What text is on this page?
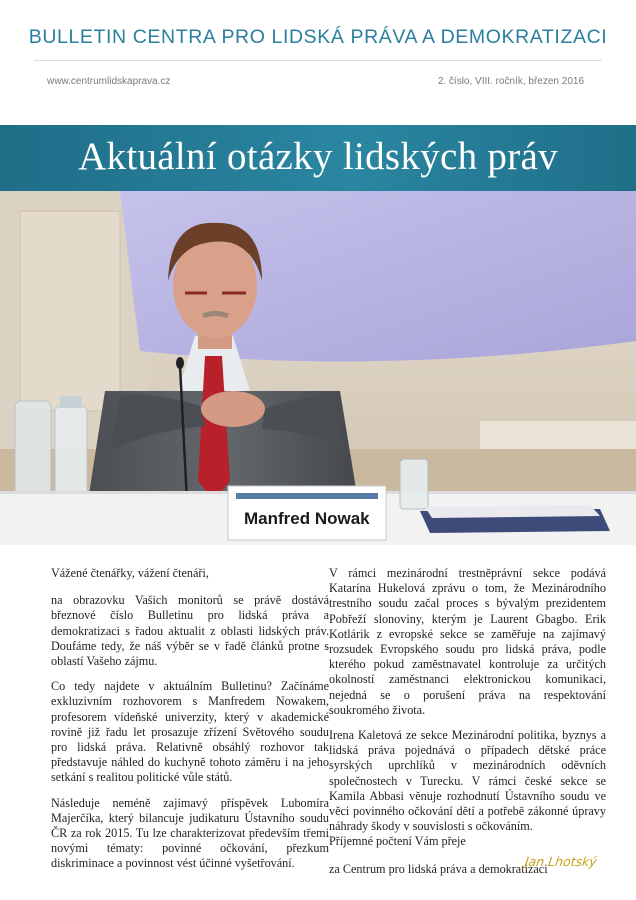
BULLETIN CENTRA PRO LIDSKÁ PRÁVA A DEMOKRATIZACI
www.centrumlidskaprava.cz	2. číslo, VIII. ročník, březen 2016
Aktuální otázky lidských práv
Manfred Nowak

Vážené čtenářky, vážení čtenáři,

na obrazovku Vašich monitorů se právě dostává březnové číslo Bulletinu pro lidská práva a demokratizaci s řadou aktualit z oblasti lidských práv. Doufáme tedy, že náš výběr se v řadě článků protne s oblastí Vašeho zájmu.

Co tedy najdete v aktuálním Bulletinu? Začínáme exkluzivním rozhovorem s Manfredem Nowakem, profesorem vídeňské univerzity, který v akademické rovině již řadu let prosazuje zřízení Světového soudu pro lidská práva. Relativně obsáhlý rozhovor tak představuje náhled do kuchyně tohoto záměru i na jeho setkání s realitou politické vůle států.

Následuje neméně zajímavý příspěvek Lubomíra Majerčíka, který bilancuje judikaturu Ústavního soudu ČR za rok 2015. Tu lze charakterizovat především třemi novými tématy: povinné očkování, přezkum diskriminace a povinnost vést účinné vyšetřování.

V rámci mezinárodní trestněprávní sekce podává Katarína Hukelová zprávu o tom, že Mezinárodního trestního soudu začal proces s bývalým prezidentem Pobřeží slonoviny, kterým je Laurent Gbagbo. Erik Kotlárik z evropské sekce se zaměřuje na zajímavý rozsudek Evropského soudu pro lidská práva, podle kterého pokud zaměstnavatel kontroluje za určitých okolností zaměstnanci elektronickou komunikaci, nejedná se o porušení práva na respektování soukromého života.

Irena Kaletová ze sekce Mezinárodní politika, byznys a lidská práva pojednává o případech dětské práce syrských uprchlíků v mezinárodních oděvních společnostech v Turecku. V rámci české sekce se Kamila Abbasi věnuje rozhodnutí Ústavního soudu ve věci povinného očkování dětí a potřebě zákonné úpravy náhrady škody v souvislosti s očkováním.

Příjemné počtení Vám přeje

za Centrum pro lidská práva a demokratizaci

Jan Lhotský
